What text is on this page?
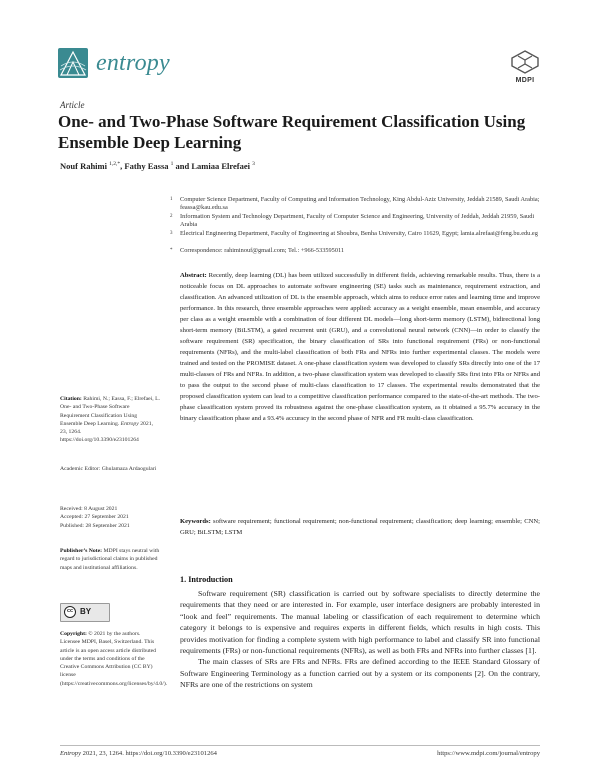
entropy
MDPI
Article
One- and Two-Phase Software Requirement Classification Using Ensemble Deep Learning
Nouf Rahimi $^{1,2,*}$, Fathy Eassa $^1$ and Lamiaa Elrefaei $^3$
1 Computer Science Department, Faculty of Computing and Information Technology, King Abdul-Aziz University, Jeddah 21589, Saudi Arabia; feassa@kau.edu.sa
2 Information System and Technology Department, Faculty of Computer Science and Engineering, University of Jeddah, Jeddah 21959, Saudi Arabia
3 Electrical Engineering Department, Faculty of Engineering at Shoubra, Benha University, Cairo 11629, Egypt; lamia.alrefaai@feng.bu.edu.eg
* Correspondence: rahiminouf@gmail.com; Tel.: +966-533595011
Abstract: Recently, deep learning (DL) has been utilized successfully in different fields, achieving remarkable results. Thus, there is a noticeable focus on DL approaches to automate software engineering (SE) tasks such as maintenance, requirement extraction, and classification. An advanced utilization of DL is the ensemble approach, which aims to reduce error rates and learning time and improve performance. In this research, three ensemble approaches were applied: accuracy as a weight ensemble, mean ensemble, and accuracy per class as a weight ensemble with a combination of four different DL models—long short-term memory (LSTM), bidirectional long short-term memory (BiLSTM), a gated recurrent unit (GRU), and a convolutional neural network (CNN)—in order to classify the software requirement (SR) specification, the binary classification of SRs into functional requirement (FRs) or non-functional requirements (NFRs), and the multi-label classification of both FRs and NFRs into further experimental classes. The models were trained and tested on the PROMISE dataset. A one-phase classification system was developed to classify SRs directly into one of the 17 multi-classes of FRs and NFRs. In addition, a two-phase classification system was developed to classify SRs first into FRs or NFRs and to pass the output to the second phase of multi-class classification to 17 classes. The experimental results demonstrated that the proposed classification system can lead to a competitive classification performance compared to the state-of-the-art methods. The two-phase classification system proved its robustness against the one-phase classification system, as it obtained a 95.7% accuracy in the binary classification phase and a 93.4% accuracy in the second phase of NFR and FR multi-class classification.
Keywords: software requirement; functional requirement; non-functional requirement; classification; deep learning; ensemble; CNN; GRU; BiLSTM; LSTM
1. Introduction

Software requirement (SR) classification is carried out by software specialists to directly determine the requirements that they need or are interested in. For example, user interface designers are probably interested in “look and feel” requirements. The manual labeling or classification of each requirement to determine which category it belongs to is expensive and requires experts in different fields, which results in high costs. This provides motivation for finding a complete system with high performance to label and classify SR into functional requirements (FRs) or non-functional requirements (NFRs), as well as both FRs and NFRs into further classes [1].

The main classes of SRs are FRs and NFRs. FRs are defined according to the IEEE Standard Glossary of Software Engineering Terminology as a function carried out by a system or its components [2]. On the contrary, NFRs are one of the restrictions on system

Citation: Rahimi, N.; Eassa, F.; Elrefaei, L. One- and Two-Phase Software Requirement Classification Using Ensemble Deep Learning. Entropy 2021, 23, 1264. https://doi.org/10.3390/e23101264
Academic Editor: Ghulamaza Ardaogulari
Received: 8 August 2021
Accepted: 27 September 2021
Published: 28 September 2021
Publisher’s Note: MDPI stays neutral with regard to jurisdictional claims in published maps and institutional affiliations.
cc BY
Copyright: © 2021 by the authors. Licensee MDPI, Basel, Switzerland. This article is an open access article distributed under the terms and conditions of the Creative Commons Attribution (CC BY) license (https://creativecommons.org/licenses/by/4.0/).
Entropy 2021, 23, 1264. https://doi.org/10.3390/e23101264	https://www.mdpi.com/journal/entropy
